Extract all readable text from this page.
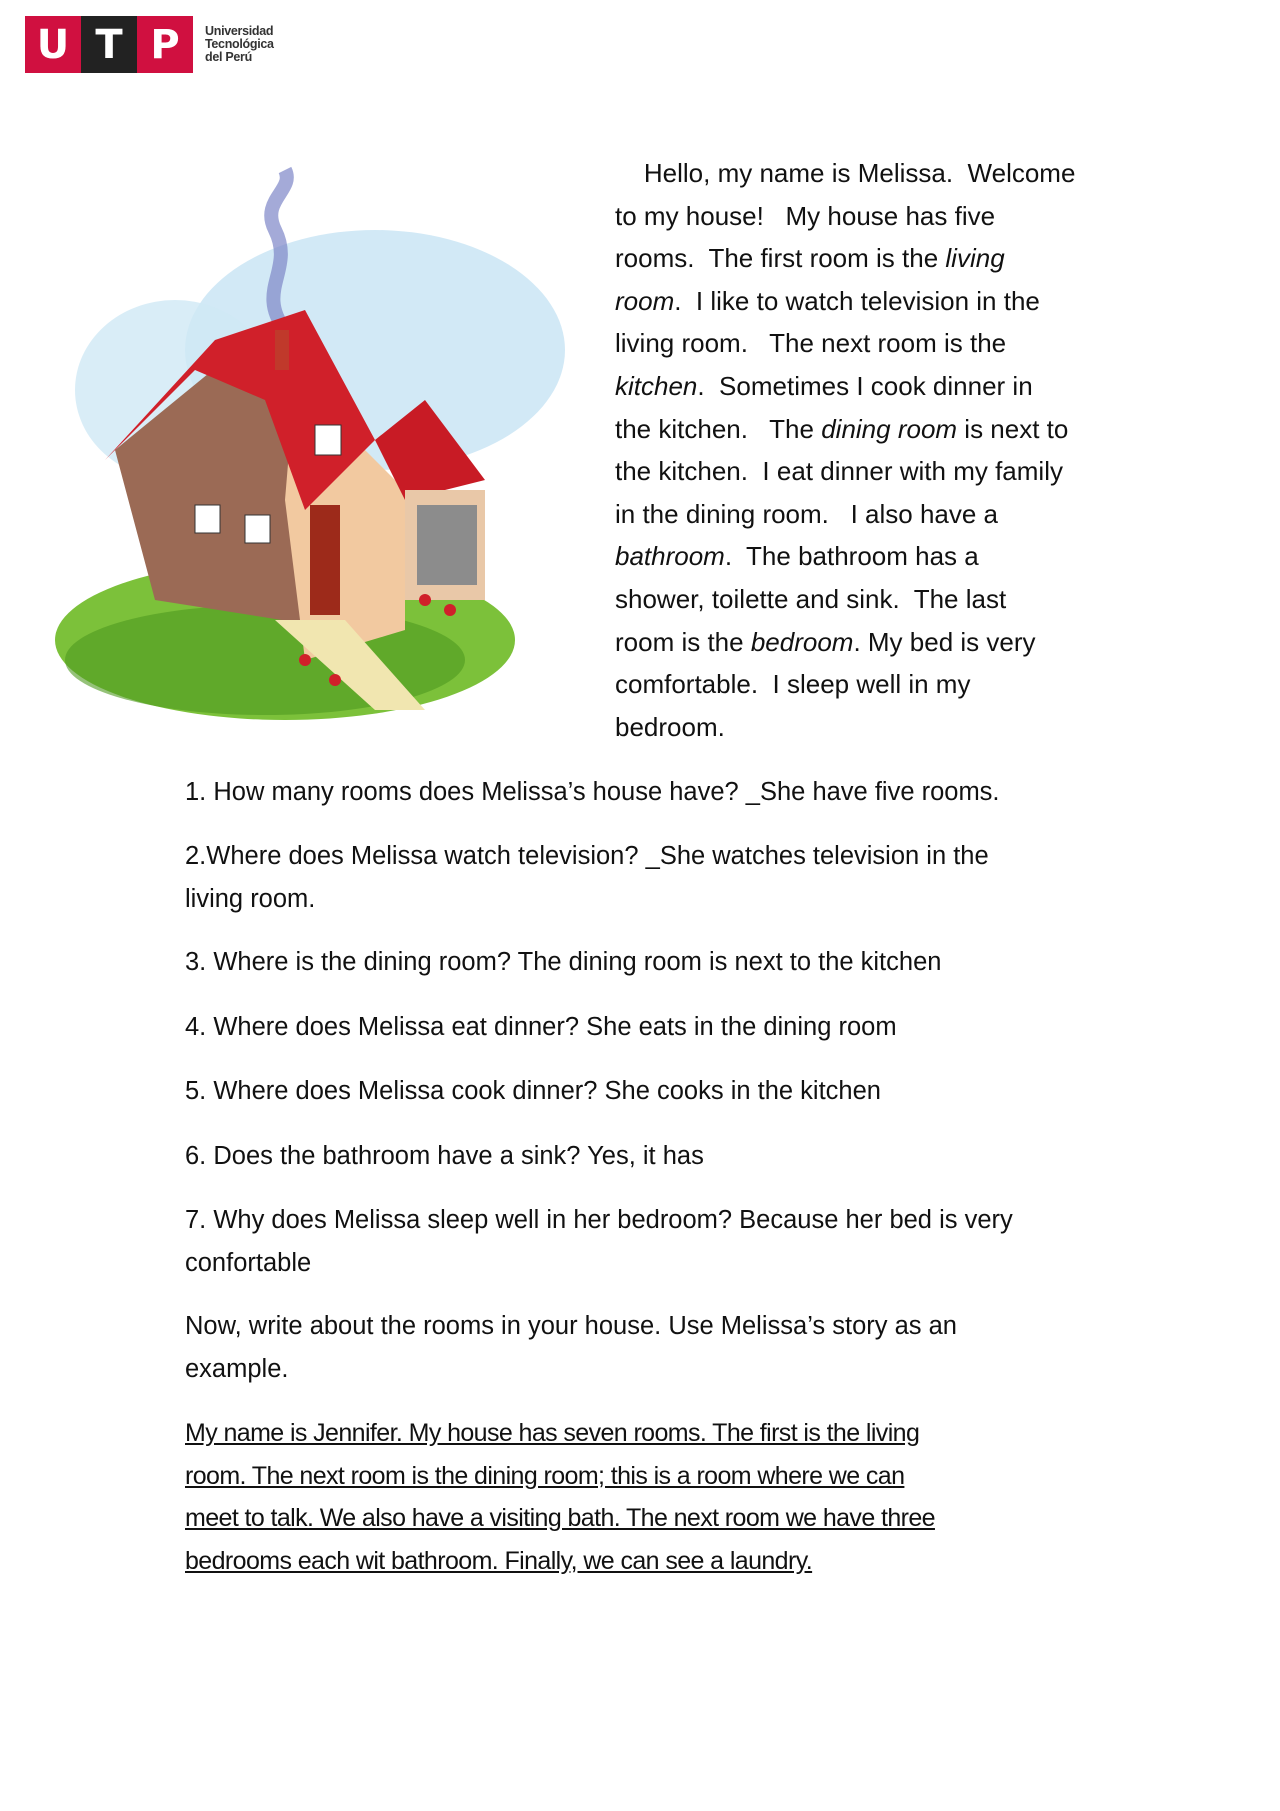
U T P	Universidad
Tecnológica
del Perú
Hello, my name is Melissa.  Welcome
to my house!   My house has five
rooms.  The first room is the living
room.  I like to watch television in the
living room.   The next room is the
kitchen.  Sometimes I cook dinner in
the kitchen.   The dining room is next to
the kitchen.  I eat dinner with my family
in the dining room.   I also have a
bathroom.  The bathroom has a
shower, toilette and sink.  The last
room is the bedroom. My bed is very
comfortable.  I sleep well in my
bedroom.
1. How many rooms does Melissa’s house have? _She have five rooms.
2.Where does Melissa watch television? _She watches television in the
living room.
3. Where is the dining room? The dining room is next to the kitchen
4. Where does Melissa eat dinner? She eats in the dining room
5. Where does Melissa cook dinner? She cooks in the kitchen
6. Does the bathroom have a sink? Yes, it has
7. Why does Melissa sleep well in her bedroom? Because her bed is very
confortable
Now, write about the rooms in your house. Use Melissa’s story as an
example.
My name is Jennifer. My house has seven rooms. The first is the living
room. The next room is the dining room; this is a room where we can
meet to talk. We also have a visiting bath. The next room we have three
bedrooms each wit bathroom. Finally, we can see a laundry.
